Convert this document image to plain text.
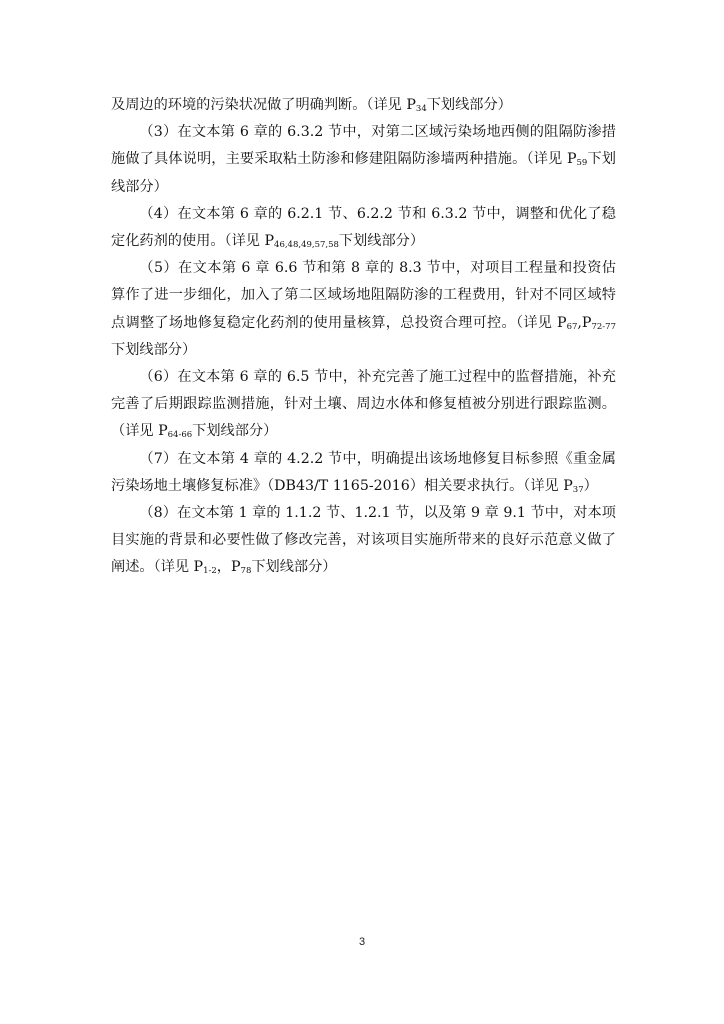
及周边的环境的污染状况做了明确判断。（详见 $P_{34}$下划线部分）

（3）在文本第 6 章的 6.3.2 节中，对第二区域污染场地西侧的阻隔防渗措施做了具体说明，主要采取粘土防渗和修建阻隔防渗墙两种措施。（详见 $P_{59}$下划线部分）

（4）在文本第 6 章的 6.2.1 节、6.2.2 节和 6.3.2 节中，调整和优化了稳定化药剂的使用。（详见 $P_{46,48,49,57,58}$下划线部分）

（5）在文本第 6 章 6.6 节和第 8 章的 8.3 节中，对项目工程量和投资估算作了进一步细化，加入了第二区域场地阻隔防渗的工程费用，针对不同区域特点调整了场地修复稳定化药剂的使用量核算，总投资合理可控。（详见 $P_{67},P_{72-77}$下划线部分）

（6）在文本第 6 章的 6.5 节中，补充完善了施工过程中的监督措施，补充完善了后期跟踪监测措施，针对土壤、周边水体和修复植被分别进行跟踪监测。（详见 $P_{64-66}$下划线部分）

（7）在文本第 4 章的 4.2.2 节中，明确提出该场地修复目标参照《重金属污染场地土壤修复标准》（DB43/T 1165-2016）相关要求执行。（详见 $P_{37}$）

（8）在文本第 1 章的 1.1.2 节、1.2.1 节，以及第 9 章 9.1 节中，对本项目实施的背景和必要性做了修改完善，对该项目实施所带来的良好示范意义做了阐述。（详见 $P_{1-2}$，$P_{78}$下划线部分）

3
